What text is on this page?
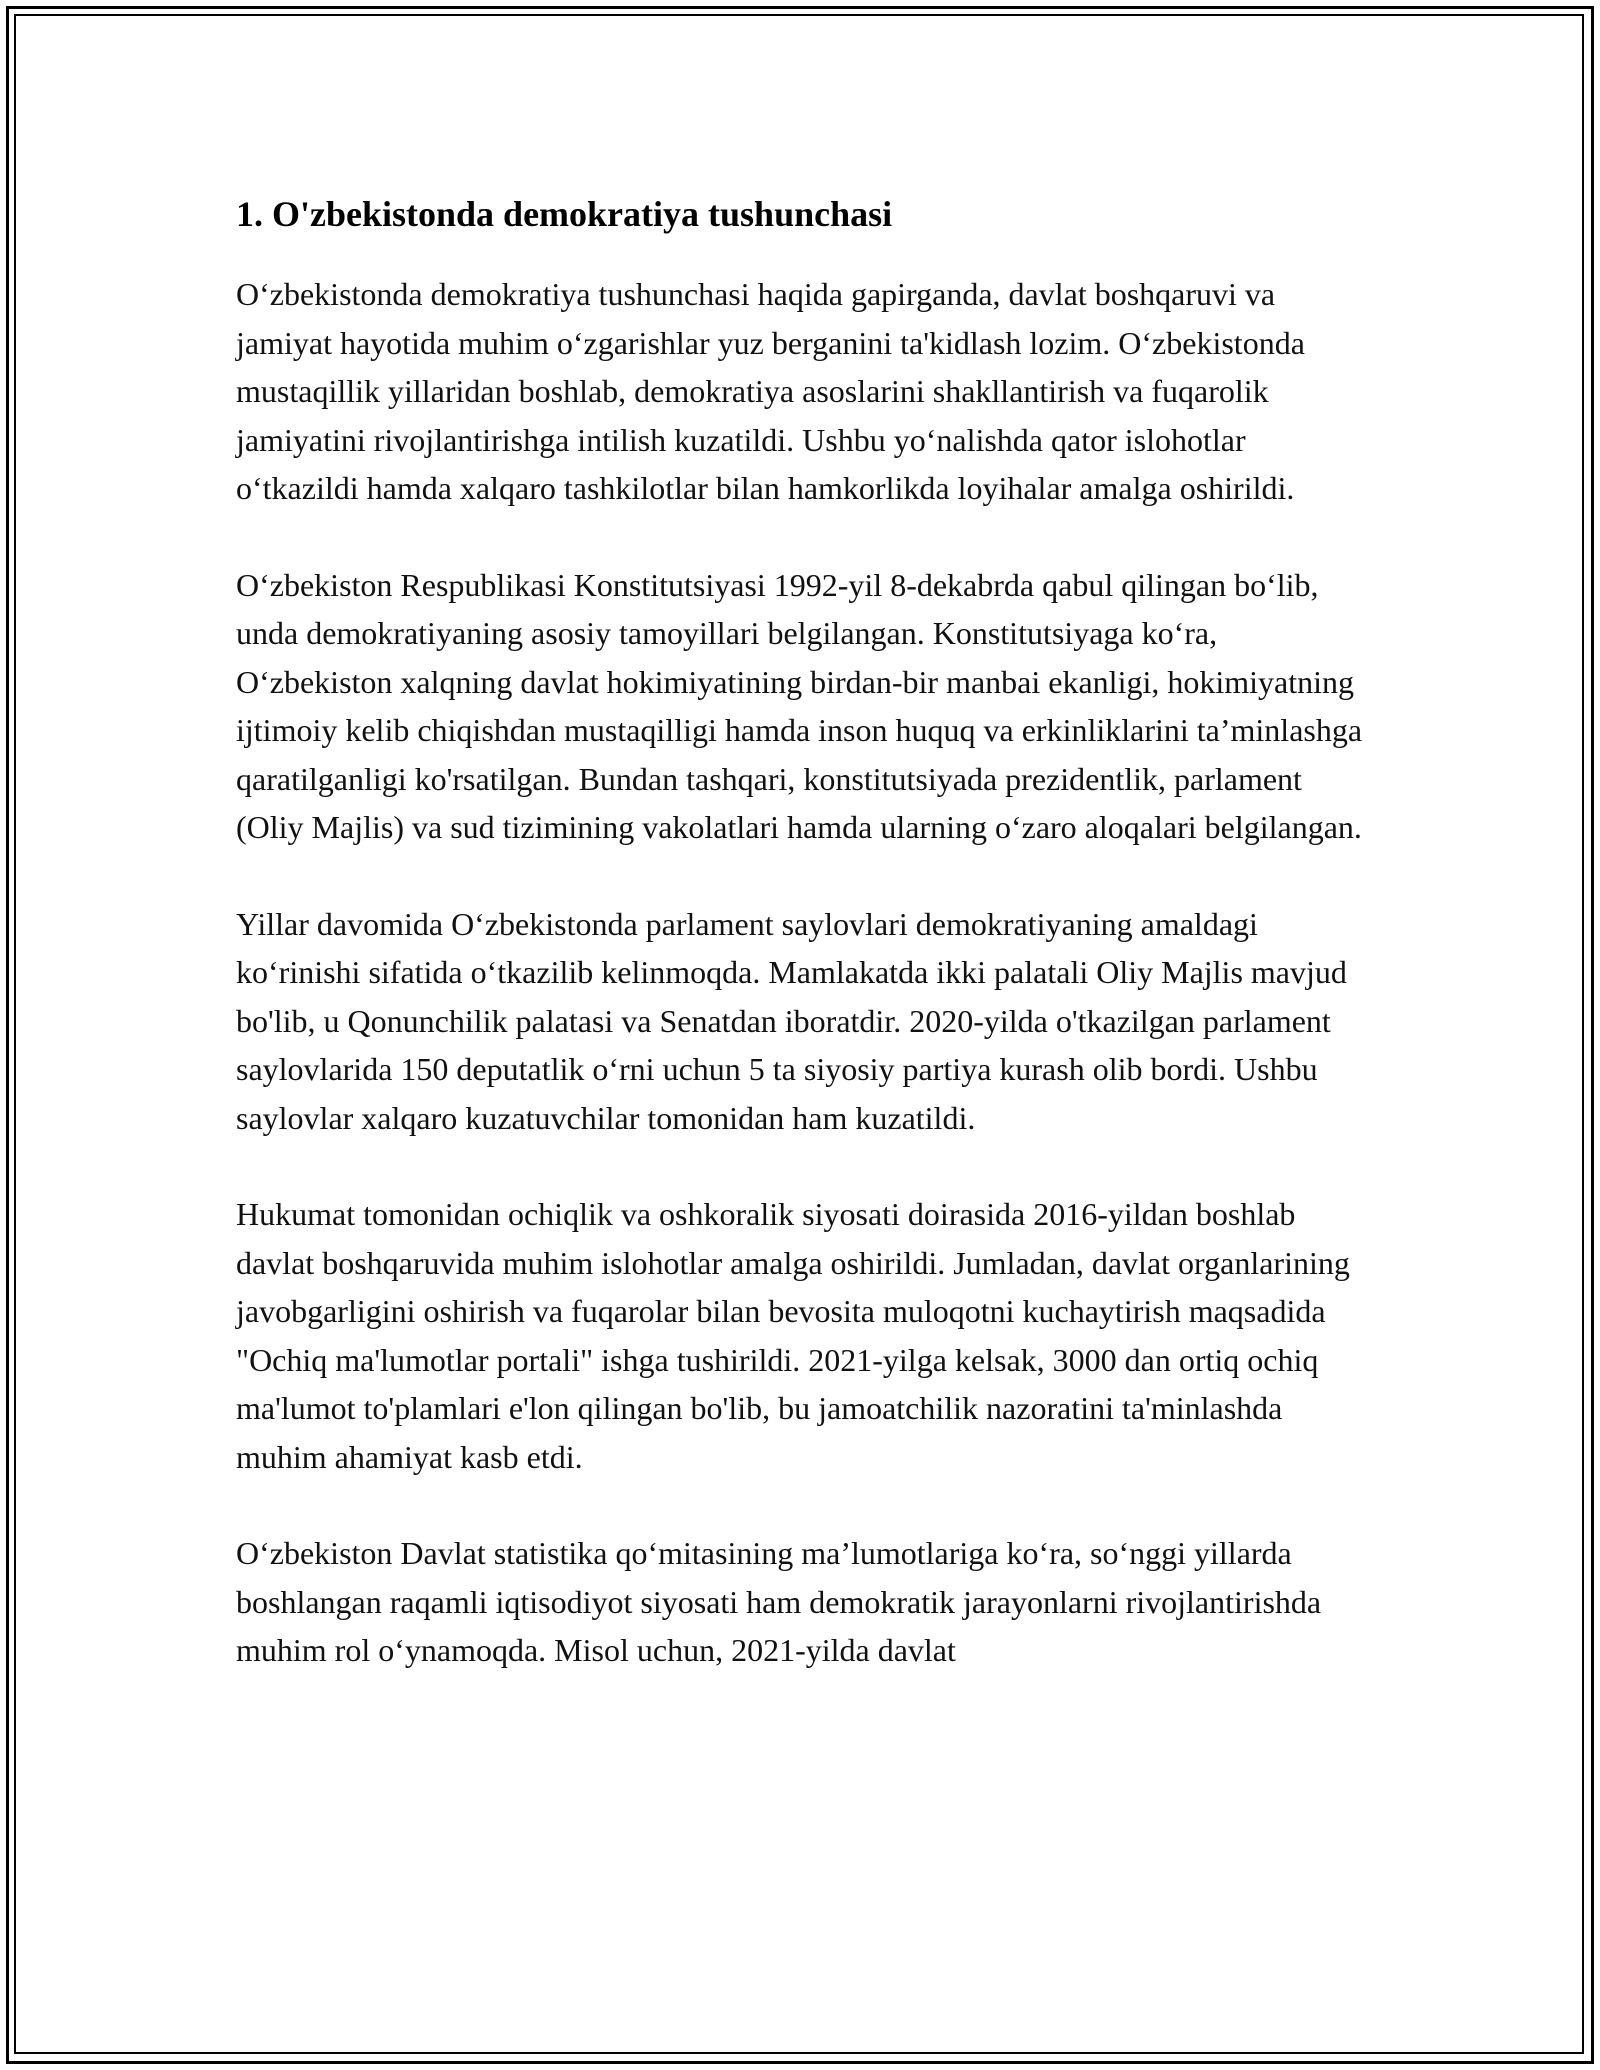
1. O'zbekistonda demokratiya tushunchasi

O‘zbekistonda demokratiya tushunchasi haqida gapirganda, davlat boshqaruvi va jamiyat hayotida muhim o‘zgarishlar yuz berganini ta'kidlash lozim. O‘zbekistonda mustaqillik yillaridan boshlab, demokratiya asoslarini shakllantirish va fuqarolik jamiyatini rivojlantirishga intilish kuzatildi. Ushbu yo‘nalishda qator islohotlar o‘tkazildi hamda xalqaro tashkilotlar bilan hamkorlikda loyihalar amalga oshirildi.

O‘zbekiston Respublikasi Konstitutsiyasi 1992-yil 8-dekabrda qabul qilingan bo‘lib, unda demokratiyaning asosiy tamoyillari belgilangan. Konstitutsiyaga ko‘ra, O‘zbekiston xalqning davlat hokimiyatining birdan-bir manbai ekanligi, hokimiyatning ijtimoiy kelib chiqishdan mustaqilligi hamda inson huquq va erkinliklarini ta’minlashga qaratilganligi ko'rsatilgan. Bundan tashqari, konstitutsiyada prezidentlik, parlament (Oliy Majlis) va sud tizimining vakolatlari hamda ularning o‘zaro aloqalari belgilangan.

Yillar davomida O‘zbekistonda parlament saylovlari demokratiyaning amaldagi ko‘rinishi sifatida o‘tkazilib kelinmoqda. Mamlakatda ikki palatali Oliy Majlis mavjud bo'lib, u Qonunchilik palatasi va Senatdan iboratdir. 2020-yilda o'tkazilgan parlament saylovlarida 150 deputatlik o‘rni uchun 5 ta siyosiy partiya kurash olib bordi. Ushbu saylovlar xalqaro kuzatuvchilar tomonidan ham kuzatildi.

Hukumat tomonidan ochiqlik va oshkoralik siyosati doirasida 2016-yildan boshlab davlat boshqaruvida muhim islohotlar amalga oshirildi. Jumladan, davlat organlarining javobgarligini oshirish va fuqarolar bilan bevosita muloqotni kuchaytirish maqsadida "Ochiq ma'lumotlar portali" ishga tushirildi. 2021-yilga kelsak, 3000 dan ortiq ochiq ma'lumot to'plamlari e'lon qilingan bo'lib, bu jamoatchilik nazoratini ta'minlashda muhim ahamiyat kasb etdi.

O‘zbekiston Davlat statistika qo‘mitasining ma’lumotlariga ko‘ra, so‘nggi yillarda boshlangan raqamli iqtisodiyot siyosati ham demokratik jarayonlarni rivojlantirishda muhim rol o‘ynamoqda. Misol uchun, 2021-yilda davlat
